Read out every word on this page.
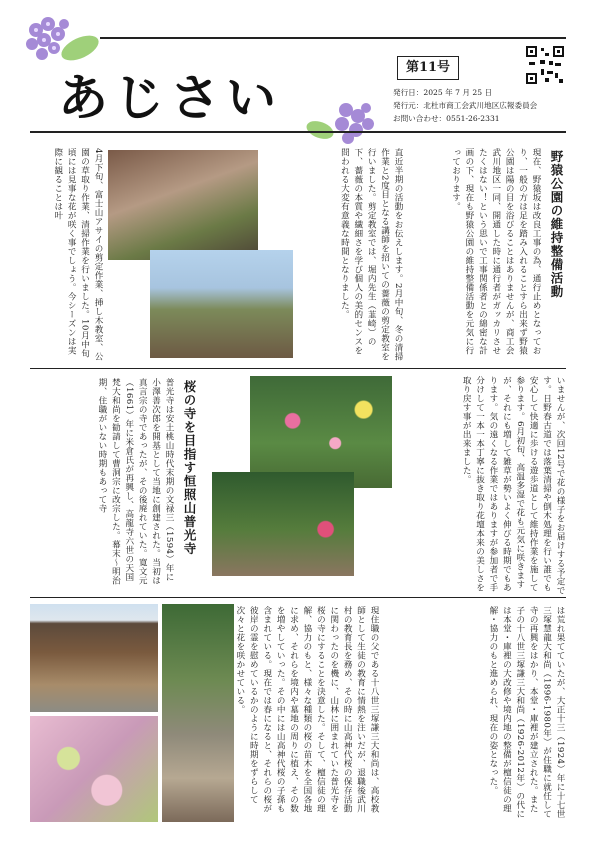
あじさい
第11号
発行日：2025 年 7 月 25 日
発行元：北杜市商工会武川地区広報委員会
お問い合わせ：0551-26-2331
野猿公園の維持整備活動
現在、野猿坂は改良工事の為、通行止めとなっており、一般の方は足を踏み入れることすら出来ず野猿公園は陽の目を浴びることはありませんが、商工会武川地区一同、開通した時に通行者がガッカリさせたくはない！という思いで工事関係者との綿密な計画の下、現在も野猿公園の維持整備活動を元気に行っております。
直近半期の活動をお伝えします。2月中旬、冬の清掃作業と2度目となる講師を招いての薔薇の剪定教室を行いました。剪定教室では、堀内先生（韮崎）の下、薔薇の本質や繊細さを学び個人の美的センスを問われる大変有意義な時間となりました。
4月下旬、富士山アサイの剪定作業、挿し木教室、公園の草取り作業、清掃作業を行いました。10月中旬頃には見事な花が咲く事でしょう。今シーズンは実際に観ることは叶
いませんが、次回12号で花の様子をお届けする予定です。日野春古道では落葉清掃や倒木処理を行い誰でも安心して快適に歩ける遊歩道として維持作業を施して参ります。6月初旬、高温多湿で花も元気に咲きますが、それにも増して雑草が勢いよく伸びる時期でもあります。気の遠くなる作業ではありますが参加者で手分けして一本一本丁寧に抜き取り花壇本来の美しさを取り戻す事が出来ました。
桜の寺を目指す恒照山普光寺
普光寺は安土桃山時代末期の文禄三（1594）年に小澤善次郎を開基として当地に創建された。当初は真言宗の寺であったが、その後廃れていた。寛文元（1661）年に米倉氏が再興し、高龍寺六世の天国梵大和尚を勧請して曹洞宗に改宗した。幕末〜明治期、住職がいない時期もあって寺
は荒れ果てていたが、大正十三（1924）年に十七世三塚慧龍大和尚（1896-1980年）が住職に就任して寺の再興をはかり、本堂・庫裡が建立された。また子の十八世三塚謙三大和尚（1926-2012年）の代には本堂・庫裡の大改修や境内地の整備が檀信徒の理解・協力のもと進められ、現在の姿となった。
現住職の父である十八世三塚謙三大和尚は、高校教師として生徒の教育に情熱を注いだが、退職後武川村の教育長を務め、その時に山高神代桜の保存活動に関わったのを機に、山林に囲まれていた普光寺を桜の寺にすることを決意した。そして、檀信徒の理解、協力のもと、様々な種類の桜の苗木を全国各地に求め、それらを境内や墓地の周りに植え、その数を増やしていった。その中には山高神代桜の子孫も含まれている。現在では春になると、それらの桜が彼岸の霊を慰めているかのように時期をずらして次々と花を咲かせている。
